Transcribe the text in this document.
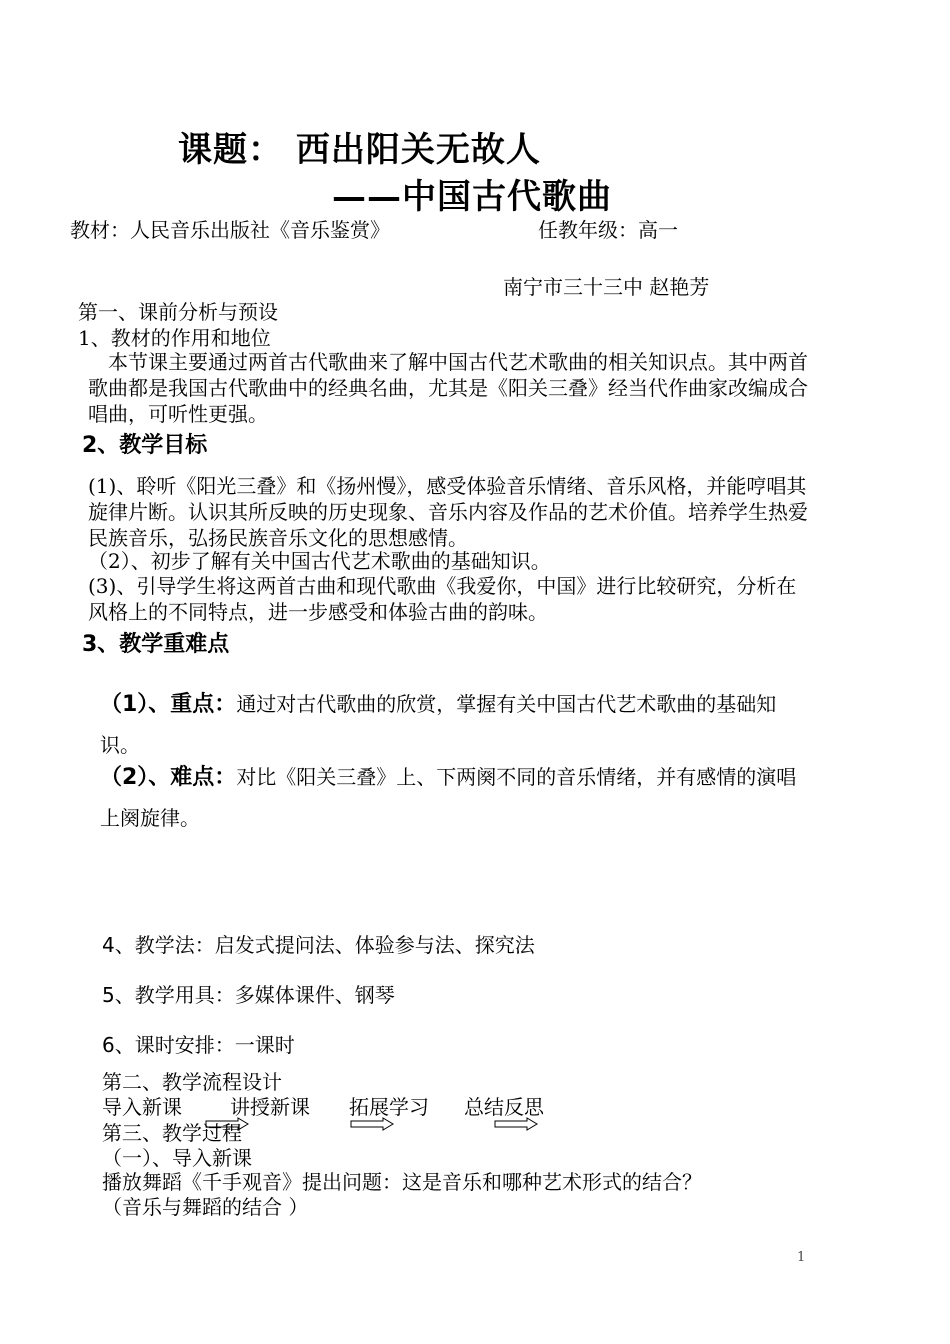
课题： 西出阳关无故人
——中国古代歌曲
教材：人民音乐出版社《音乐鉴赏》	任教年级：高一
南宁市三十三中 赵艳芳
第一、课前分析与预设
1、教材的作用和地位
本节课主要通过两首古代歌曲来了解中国古代艺术歌曲的相关知识点。其中两首歌曲都是我国古代歌曲中的经典名曲，尤其是《阳关三叠》经当代作曲家改编成合唱曲，可听性更强。
2、教学目标
(1)、聆听《阳光三叠》和《扬州慢》，感受体验音乐情绪、音乐风格，并能哼唱其旋律片断。认识其所反映的历史现象、音乐内容及作品的艺术价值。培养学生热爱民族音乐，弘扬民族音乐文化的思想感情。
（2）、初步了解有关中国古代艺术歌曲的基础知识。
(3)、引导学生将这两首古曲和现代歌曲《我爱你，中国》进行比较研究，分析在风格上的不同特点，进一步感受和体验古曲的韵味。
3、教学重难点
（1）、重点：通过对古代歌曲的欣赏，掌握有关中国古代艺术歌曲的基础知识。
（2）、难点：对比《阳关三叠》上、下两阕不同的音乐情绪，并有感情的演唱上阕旋律。
4、教学法：启发式提问法、体验参与法、探究法
5、教学用具：多媒体课件、钢琴
6、课时安排：一课时
第二、教学流程设计
导入新课 讲授新课 拓展学习 总结反思
第三、教学过程
（一）、导入新课
播放舞蹈《千手观音》提出问题：这是音乐和哪种艺术形式的结合？
（音乐与舞蹈的结合 ）
1
